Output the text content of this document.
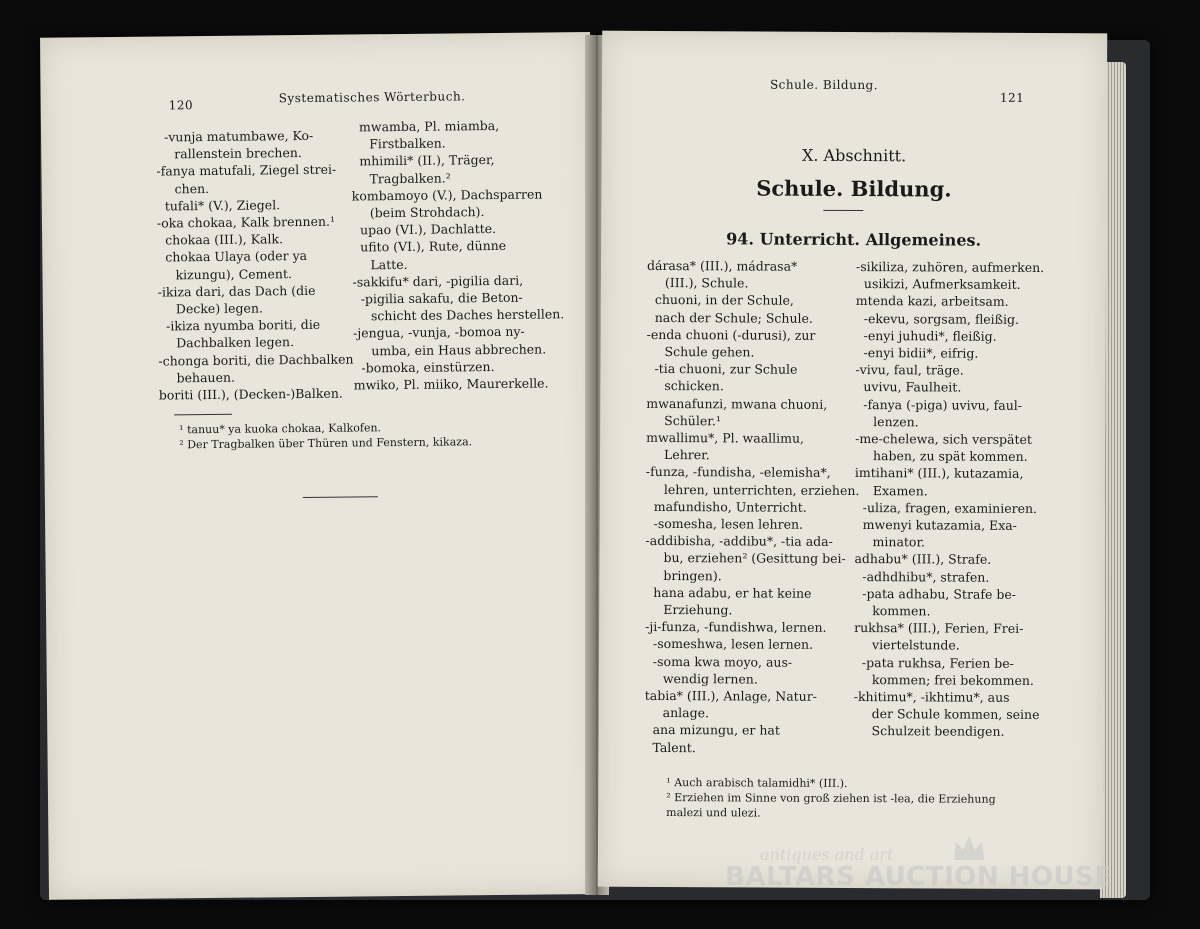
120
Systematisches Wörterbuch.
-vunja matumbawe, Ko-
rallenstein brechen.
-fanya matufali, Ziegel strei-
chen.
tufali* (V.), Ziegel.
-oka chokaa, Kalk brennen.¹
chokaa (III.), Kalk.
chokaa Ulaya (oder ya
kizungu), Cement.
-ikiza dari, das Dach (die
Decke) legen.
-ikiza nyumba boriti, die
Dachbalken legen.
-chonga boriti, die Dachbalken
behauen.
boriti (III.), (Decken-)Balken.
mwamba, Pl. miamba,
Firstbalken.
mhimili* (II.), Träger,
Tragbalken.²
kombamoyo (V.), Dachsparren
(beim Strohdach).
upao (VI.), Dachlatte.
ufito (VI.), Rute, dünne
Latte.
-sakkifu* dari, -pigilia dari,
-pigilia sakafu, die Beton-
schicht des Daches herstellen.
-jengua, -vunja, -bomoa ny-
umba, ein Haus abbrechen.
-bomoka, einstürzen.
mwiko, Pl. miiko, Maurerkelle.
¹ tanuu* ya kuoka chokaa, Kalkofen.
² Der Tragbalken über Thüren und Fenstern, kikaza.
Schule. Bildung.
121
X. Abschnitt.
Schule. Bildung.
94. Unterricht. Allgemeines.
dárasa* (III.), mádrasa*
(III.), Schule.
chuoni, in der Schule,
nach der Schule; Schule.
-enda chuoni (-durusi), zur
Schule gehen.
-tia chuoni, zur Schule
schicken.
mwanafunzi, mwana chuoni,
Schüler.¹
mwallimu*, Pl. waallimu,
Lehrer.
-funza, -fundisha, -elemisha*,
lehren, unterrichten, erziehen.
mafundisho, Unterricht.
-somesha, lesen lehren.
-addibisha, -addibu*, -tia ada-
bu, erziehen² (Gesittung bei-
bringen).
hana adabu, er hat keine
Erziehung.
-ji-funza, -fundishwa, lernen.
-someshwa, lesen lernen.
-soma kwa moyo, aus-
wendig lernen.
tabia* (III.), Anlage, Natur-
anlage.
ana mizungu, er hat
Talent.
-sikiliza, zuhören, aufmerken.
usikizi, Aufmerksamkeit.
mtenda kazi, arbeitsam.
-ekevu, sorgsam, fleißig.
-enyi juhudi*, fleißig.
-enyi bidii*, eifrig.
-vivu, faul, träge.
uvivu, Faulheit.
-fanya (-piga) uvivu, faul-
lenzen.
-me-chelewa, sich verspätet
haben, zu spät kommen.
imtihani* (III.), kutazamia,
Examen.
-uliza, fragen, examinieren.
mwenyi kutazamia, Exa-
minator.
adhabu* (III.), Strafe.
-adhdhibu*, strafen.
-pata adhabu, Strafe be-
kommen.
rukhsa* (III.), Ferien, Frei-
viertelstunde.
-pata rukhsa, Ferien be-
kommen; frei bekommen.
-khitimu*, -ikhtimu*, aus
der Schule kommen, seine
Schulzeit beendigen.
¹ Auch arabisch talamidhi* (III.).
² Erziehen im Sinne von groß ziehen ist -lea, die Erziehung
malezi und ulezi.
antiques and art
BALTARS AUCTION HOUSE
